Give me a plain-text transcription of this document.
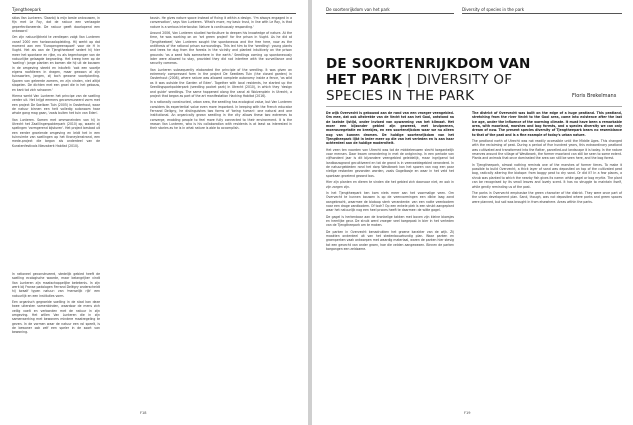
Tjengtheepark

sklos Van Lunteren. 'Daarbij is mijn beste ontvouwen, in fijn met Le Foy, dat de natuur een verlaagde geperfectioneerde. De natuur geeft doorlopend een antwoord.'

Om zijn natuurlijkheid te verdiepen volgt Van Lunteren vanaf 2000 een horizonaalopleiding. Hij werkt op dat moment aan een 'Europengreenspoet' voor de H in Vught. Het ais aan de Tjengtheebeef sedert hij hier meer het spontane en rijke, nu als tegenhanger van de natuurlijke gelaagde begroeiing. Het kreeg hem op de 'soeling': jonge planten en bomen die hij uit de bouwen in de omgeving steekt en inbufelt: 'ook een soortje eigens roofdieren in dragen, maar gewoon al zijn tuinsoorten, jongen, zij toch gewone voortplanting. Sporen van geleerde zomers, en zijn vinden, niet altijd stapelen. De dichten met een groei die in het gebouw, en kant tot zich schooner.'

Hierna werkt Van Lunteren het principe van de soelling verder uit. Het krijgt emmers gecommuneerd vorm met een project De Soelloen Tuin (2005) in Oosterhout, waar de natuur binnen een heit volledig autonoom haar whole gang mag gaan, 'zoals buiten het tuin van Eden'.

Van Lunteren. Samen met ommoneinden van hij in Utrecht het Zaaillingenpolderpark (2010) op, waarin zij spelingen 'vormgerend bijsturen'. Het project bestaat uit een eerder groeiende omgeving en leidt het in een tuinruimte van soellingen op het Kroneylenstrand, een mede-project die begon als onderdeel van de Kunstenfestivals Nieuwkerk Habitat (2010).

In rationeel geconstrueerd, stedelijk gebied heeft de soelling ecologische waarde, maar belangrijker vindt Van Lunteren zijn maatschappelijke betekenis. In zijn werk bij Franse padologen Ferrand Delégry onderscheidt hij twaalf typen natuur: van 'menselijk rijk' een natuurlijk en een instituties vorm.

Een organisch gegroeide soelling in de stad kan deze twee uitersten samenbinden, waardoor de mens zich veilig voelt en verbonden met de natuur in zijn omgeving. Het willen Van Lunteren die in zijn samenwerking met bewoners mindere maatregeling te geven. In de vormen waar de natuur een rol speelt, is de bewoner ook zelf een speler in de soort van bewoning.

tausin. He gives nature space instead of fixing it within a design. 'I'm always engaged in a conversation', says Van Lunteren. 'What's more, my basic trust, in line with Le Roy, is that nature is a serious interlocutor. Nature is continuously responding.'

Around 2006, Van Lunteren studied horticulture to deepen his knowledge of nature. At the time, he was working on an 'art green project' for the prison in Vught. As he did at Tjengtheebeef, Van Lunteren sought the spontaneous and the free here, now as the antithesis of the rational prison surroundings. This led him to the 'seedling': young plants and trees he dug from the forests in the vicinity and planted intuitively on the prison grounds: 'as a seed falls somewhere in the earth.' Seedlings coming up spontaneously later were allowed to stay, provided they did not interfere with the surveillance and security cameras.

Van Lunteren subsequently elaborated the principle of the seedling. It was given an extremely compressed form in the project De Seedlees Tuin (the closed garden) in Oosterhout (2008), where nature was allowed complete autonomy inside a fence, 'as wild as it was outside the Garden of Eden'. Together with local residents, he started up the Seedlingsparkpolderpark (seedling pocket park) in Utrecht (2010), in which they 'design and guide' seedlings. The same happened along the canal at Wolvenplein in Utrecht, a project that began as part of the art manifestation Hacking Habitat (2016).

In a rationally constructed, urban area, the seedling has ecological value, but Van Lunteren considers its experiential value even more important. In keeping with the French educator Fernand Deligny, he distinguishes two forms of 'being human': one natural and one institutional. An organically grown seedling in the city allows these two extremes to converge, enabling people to feel more fully connected to their environment. It is the reason Van Lunteren, who is his collaboration with residents is at least as interested in their stories as he is in what nature is able to accomplish.

F18
De soortenrijkdom van het park	Diversity of species in the park
DE SOORTENRIJKDOM VAN HET PARK | DIVERSITY OF SPECIES IN THE PARK	Floris Brekelmans

De wijk Overvecht is gebouwd aan de rand van een vroeger veengebied. Om mee, dat ook uitstrekte van de Vecht tot aan het Gooi, ontstond na de laatste ijstijd, onder invloed van opwarming van het klimaat. Het moer een bijzonder gebied zijn geweest, met kruipnenen, moerasvegetatie en kreekjes, en een soortenrijkdom waar we nu alleen nog van kunnen dromen. De huidige soortenrijkdom van het Tjengtheepark lijkt in ieder meer op die van het verleden en is aan haar achterdeel aan de huidige moderniteit.

Het veen ten noorden van Utrecht was tot de middeleeuwen slecht toegankelijk voor mensen. Daar kwam verandering in met de ontginning. In een periode van vijfhonderd jaar is dit bijzondere veengebied geleidelijk, maar ingrijpend tot landbouwgrond gecultiveerd en tot de grond is in veenweidegebied veranderd. In de natuurgebieden rond het dorp Westbroek kan het sporen van nog een paar nietige restanten gevonden worden, zoals Gagelbosje en waar in het veld het spontaan groeiend gezond bos.

Hier zijn planten en dieren te vinden die het gebied zich daarvoor niet, en ook in zijn zorgen zijn.

In het Tjengtheepark ken kom niets meer aan het voormalige veen. Om Overvecht te kunnen bouwen is op de veenvormingen een dikke laag zand aangebracht, waarmee de biotoop sterk veranderde: van een natte veenbodem naar een droge zandbodem. Of toch? Op een enkele plek is een strukt aangeplant waar het natuurlijk nog een heel proces heeft te daarmee: de witte gagel.

De gagel is herkenbaar aan de kronkelige takken met boven zijn kleine bloesjes en heerlijke geur. De struik werd vroeger veel toegepast in bier in het verleden van de Tjengtheepark om te maken.

De parken in Overvecht benadrukken het groene karakter van de wijk. Zij maakten onderdeel uit van het stedenbouwkundig plan. Waar parken en groenperken vaak ontworpen met waardig materiaal, waren de parken hier stevig tot een gevecht van ander groen, hoe die velden aangewezen. Binnen de parken toegangen een zeldzame.

The district of Overvecht was built on the edge of a huge peatland. This peatland, stretching from the river Vecht to the Gooi area, came into existence after the last ice age, under the influence of the warming climate. It must have been a remarkable area, with moorland, marshes and bog forests, and a species diversity we can only dream of now. The present species diversity of Tjengtheepark bears no resemblance to that of the past and is a fine example of today's urban nature.

The peatland north of Utrecht was not readily accessible until the Middle Ages. This changed with the reclaiming of peat. During a period of five hundred years, this extraordinary peatland was cultivated and transformed into the flatter, parcelled-out landscape it is today. In the nature reserves around the village of Westbroek, the former moorland can still be seen to some extent. Plants and animals that once dominated the area can still be seen here, and the bog forest.

In Tjengtheepark, almost nothing reminds one of the marshes of former times. To make it possible to build Overvecht, a thick layer of sand was deposited on top of the cultivated peat bog, radically altering the biotope: from boggy peat to dry sand. Or did it? In a few places, a shrub was planted to which the nearby fish gives its name: white gagel or bog myrtle. The plant can be recognised by its small leaves and lovely scent. It has no struggle to maintain itself, while gently reminding us of the past.

The parks in Overvecht emphasise the green character of the district. They were once part of the urban development plan. Sand, though, was not deposited where parks and green spaces were planned, but soil was brought in from elsewhere. Areas within the parks.

F19
